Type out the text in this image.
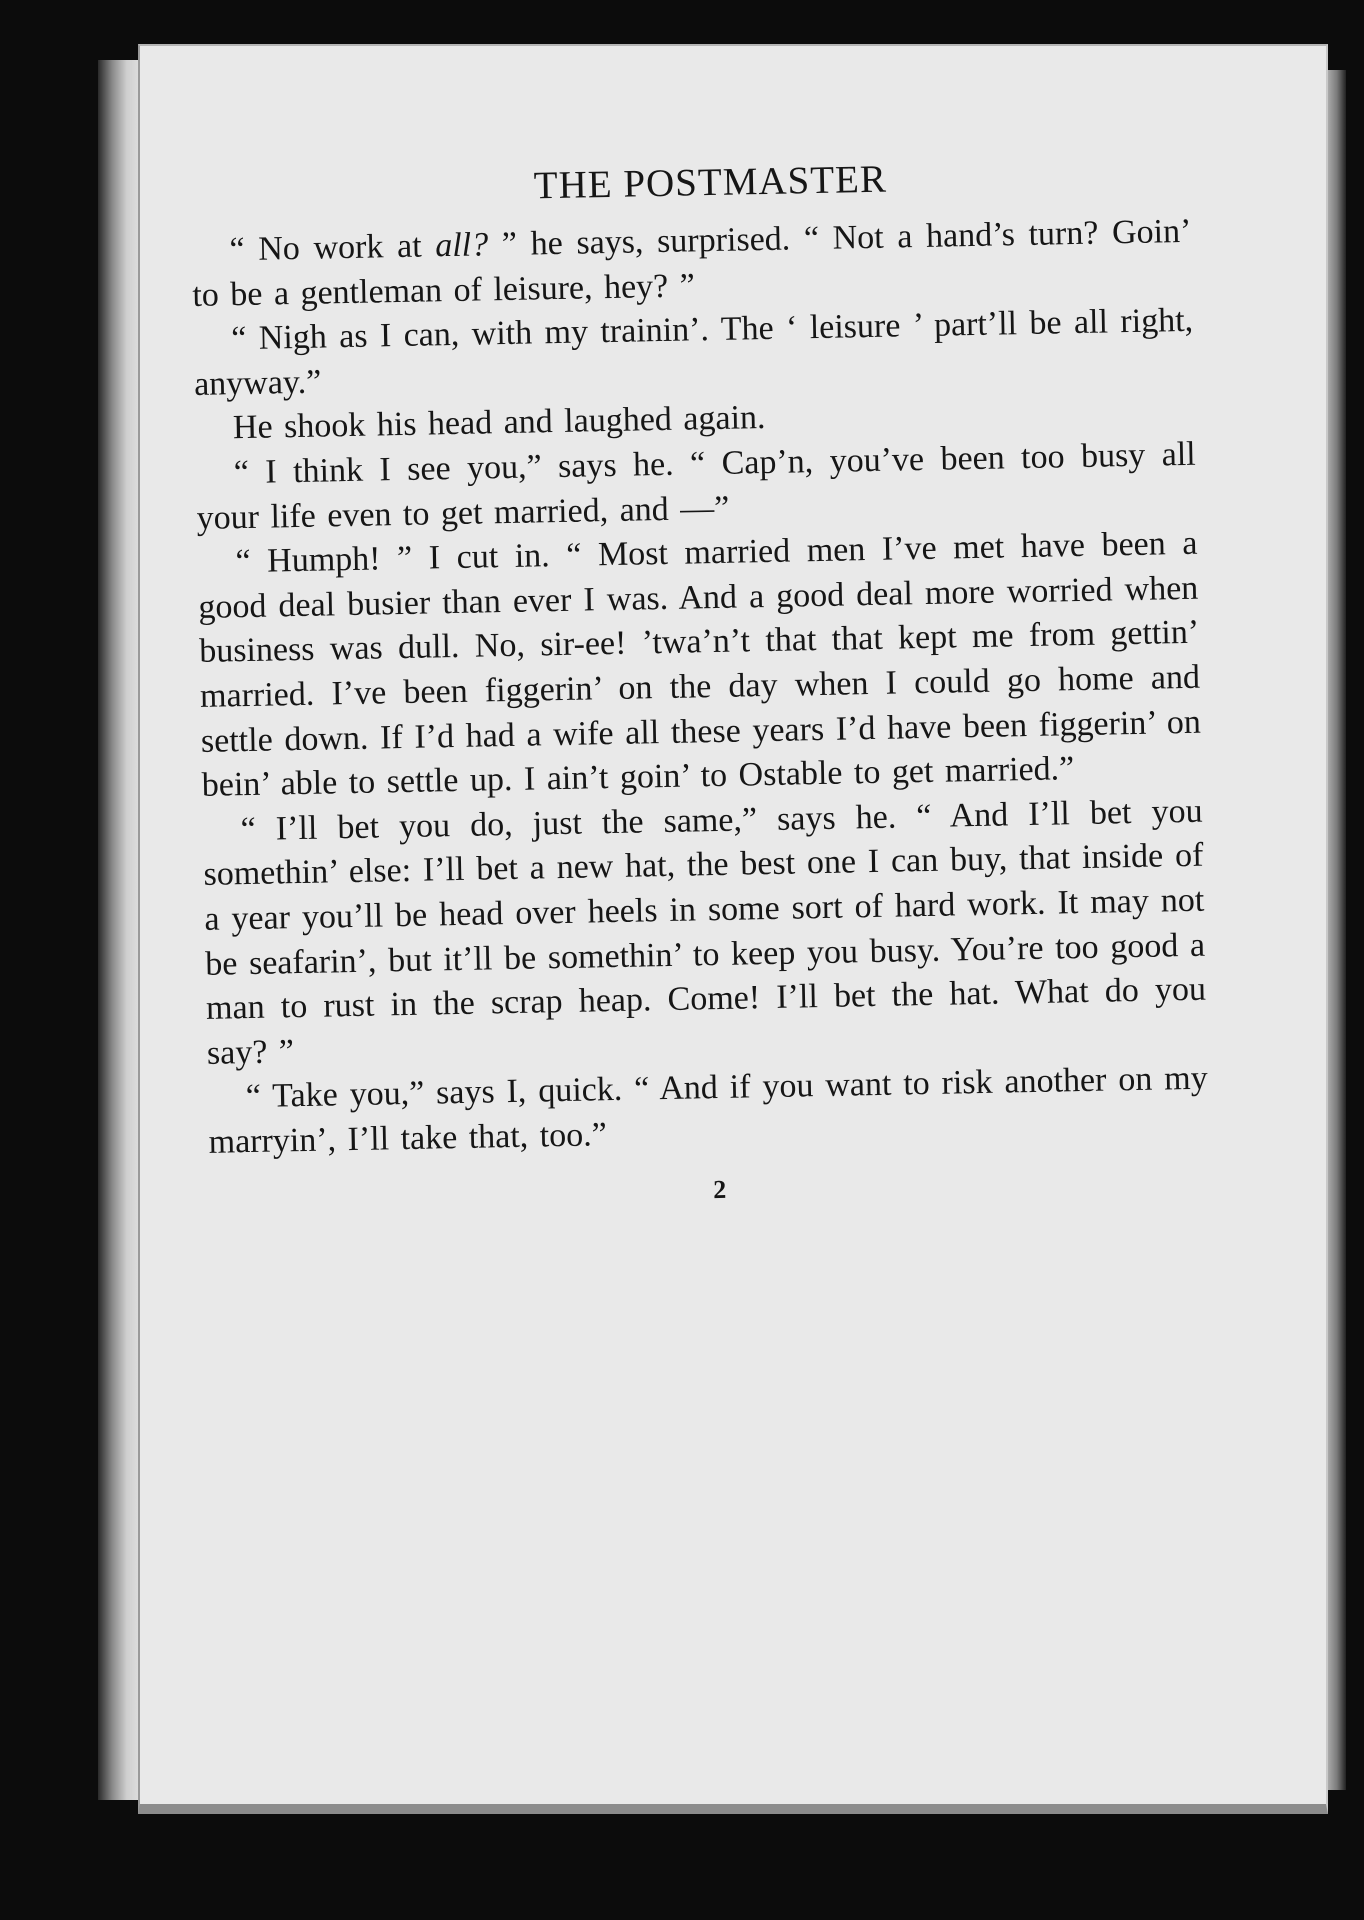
THE POSTMASTER

“ No work at all? ” he says, surprised. “ Not a hand’s turn? Goin’ to be a gentleman of leisure, hey? ”

“ Nigh as I can, with my trainin’. The ‘ leisure ’ part’ll be all right, anyway.”

He shook his head and laughed again.

“ I think I see you,” says he. “ Cap’n, you’ve been too busy all your life even to get married, and —”

“ Humph! ” I cut in. “ Most married men I’ve met have been a good deal busier than ever I was. And a good deal more worried when business was dull. No, sir-ee! ’twa’n’t that that kept me from gettin’ married. I’ve been figgerin’ on the day when I could go home and settle down. If I’d had a wife all these years I’d have been figgerin’ on bein’ able to settle up. I ain’t goin’ to Ostable to get married.”

“ I’ll bet you do, just the same,” says he. “ And I’ll bet you somethin’ else: I’ll bet a new hat, the best one I can buy, that inside of a year you’ll be head over heels in some sort of hard work. It may not be seafarin’, but it’ll be somethin’ to keep you busy. You’re too good a man to rust in the scrap heap. Come! I’ll bet the hat. What do you say? ”

“ Take you,” says I, quick. “ And if you want to risk another on my marryin’, I’ll take that, too.”

2
